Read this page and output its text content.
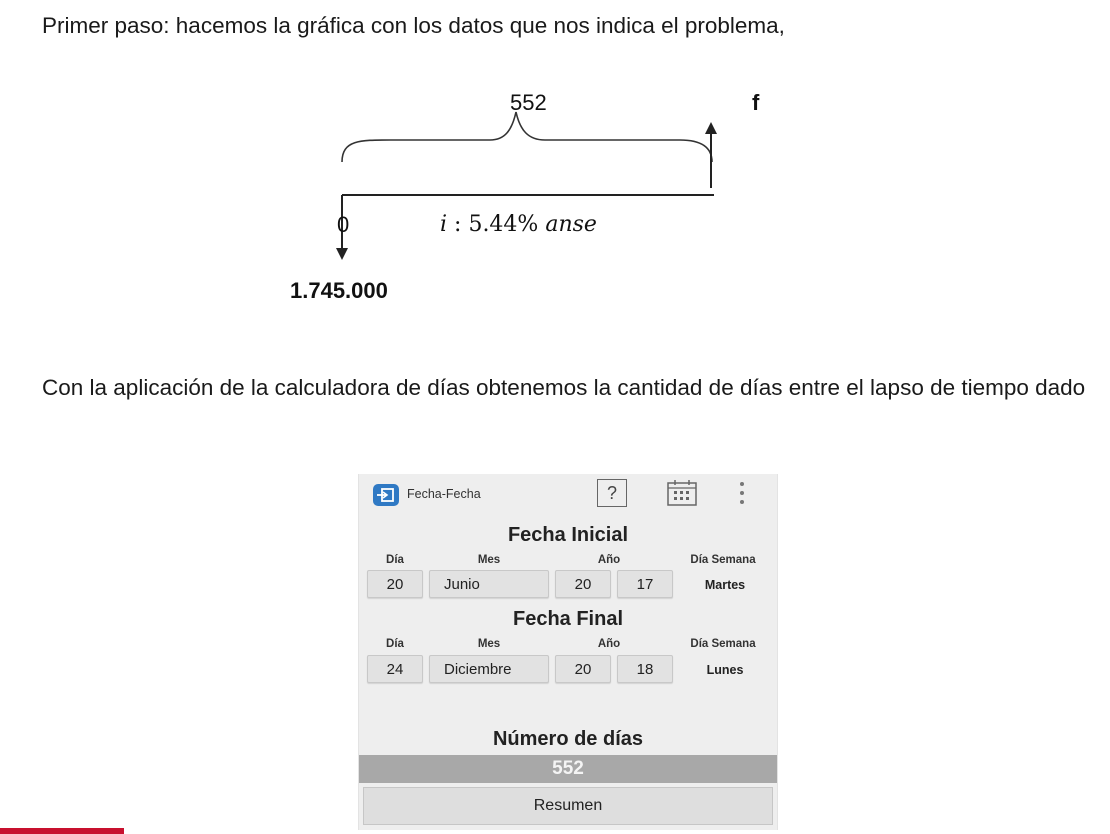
Primer paso: hacemos la gráfica con los datos que nos indica el problema,

552	f
0	i : 5.44% anse
1.745.000

Con la aplicación de la calculadora de días obtenemos la cantidad de días entre el lapso de tiempo dado

Fecha-Fecha	?
Fecha Inicial
Día	Mes	Año	Día Semana
20	Junio	20	17	Martes
Fecha Final
Día	Mes	Año	Día Semana
24	Diciembre	20	18	Lunes
Número de días
552
Resumen
